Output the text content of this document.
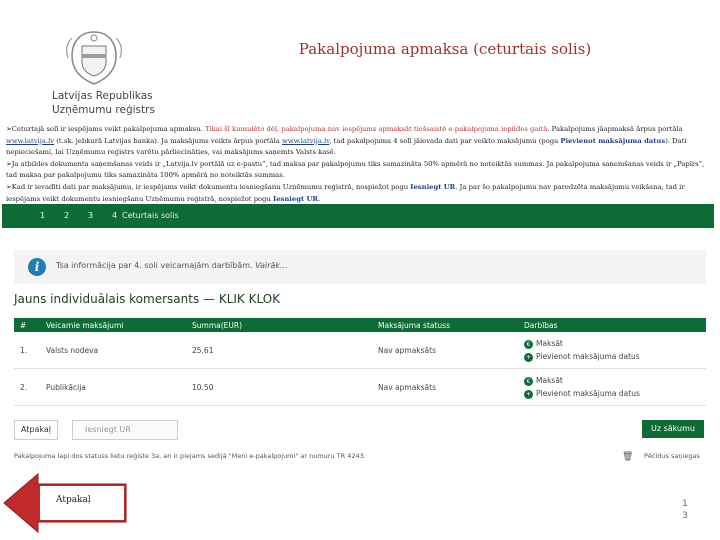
Latvijas Republikas
Uzņēmumu reģistrs
Pakalpojuma apmaksa (ceturtais solis)
➢Ceturtajā solī ir iespējams veikt pakalpojuma apmaksu. Tikai šī kumulēto dēļ, pakalpojuma nav iespējams apmaksāt tiešsaistē e-pakalpojuma iepildes gaitā. Pakalpojums jāapmaksā ārpus portāla www.latvija.lv (t.sk. jebkurā Latvijas banka). Ja maksājums veikts ārpus portāla www.latvija.lv, tad pakalpojuma 4 solī jāievada dati par veikto maksājumu (poga Pievienot maksājuma datus). Dati nepieciešami, lai Uzņēmumu reģistrs varētu pārliecināties, vai maksājums saņemts Valsts kasē.
➢Ja atbildes dokumenta saņemšanas veids ir „Latvija.lv portālā uz e-pastu”, tad maksa par pakalpojumu tiks samazināta 50% apmērā no noteiktās summas. Ja pakalpojuma saņemšanas veids ir „Papīrs”, tad maksa par pakalpojumu tiks samazināta 100% apmērā no noteiktās summas.
➢Kad ir ievadīti dati par maksājumu, ir iespējams veikt dokumentu iesniegšanu Uzņēmumu reģistrā, nospiežot pogu Iesniegt UR. Ja par šo pakalpojumu nav paredzēta maksājumu veikšana, tad ir iespējams veikt dokumentu iesniegšanu Uzņēmumu reģistrā, nospiežot pogu Iesniegt UR.
1 2 3 4 Ceturtais solis
i	Tsa informācija par 4. soli veicamajām darbībām. Vairāk...
Jauns individuālais komersants — KLIK KLOK
#	Veicamie maksājumi	Summa(EUR)	Maksājuma statuss	Darbības
1.	Valsts nodeva	25,61	Nav apmaksāts	€ Maksāt
+ Pievienot maksājuma datus

2.	Publikācija	10.50	Nav apmaksāts	€ Maksāt
+ Plevienot maksājuma datus
Atpakaļ	Iesniegt UR	Uz sākumu
Pakalpojuma lapi dos statuss lietu reģiste 3a, an ir piejams sedijā "Meni e-pakalpojumi" ar numuru TR 4243.	🗑 Pēcīdus saņiegas
Atpakaļ	1
3
